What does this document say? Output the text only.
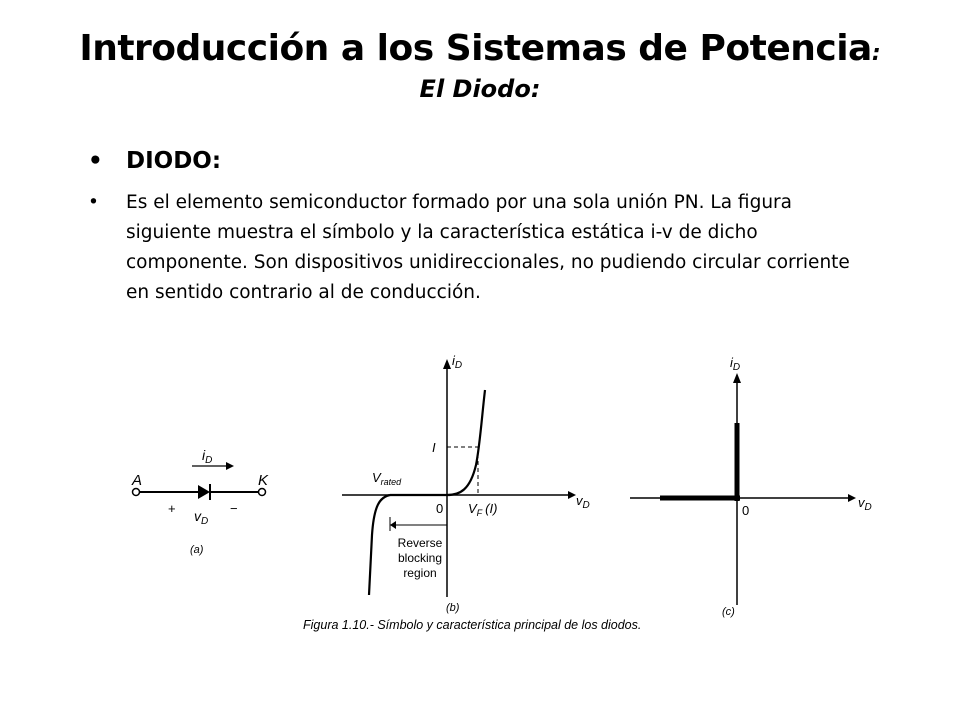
Introducción a los Sistemas de Potencia:
El Diodo:
• DIODO:
• Es el elemento semiconductor formado por una sola unión PN. La figura siguiente muestra el símbolo y la característica estática i-v de dicho componente. Son dispositivos unidireccionales, no pudiendo circular corriente en sentido contrario al de conducción.
A	K
$i_D$
+	−
$v_D$
(a)
$i_D$
$v_D$
I
$V_{rated}$
0 $V_F$ (I)
Reverse
blocking
region
(b)
$i_D$
$v_D$
0
(c)
Figura 1.10.- Símbolo y característica principal de los diodos.
